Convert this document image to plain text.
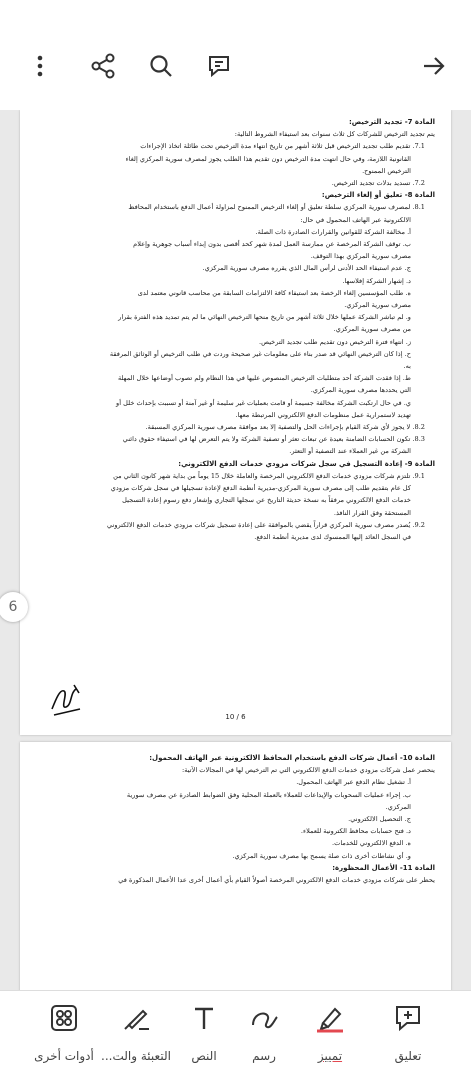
المادة 7- تجديد الترخيص:
يتم تجديد الترخيص للشركات كل ثلاث سنوات بعد استيفاء الشروط التالية:
7.1. تقديم طلب تجديد الترخيص قبل ثلاثة أشهر من تاريخ انتهاء مدة الترخيص تحت طائلة اتخاذ الإجراءات
القانونية اللازمة، وفي حال انتهت مدة الترخيص دون تقديم هذا الطلب يجوز لمصرف سورية المركزي إلغاء
الترخيص الممنوح.
7.2. تسديد بدلات تجديد الترخيص.
المادة 8- تعليق أو إلغاء الترخيص:
8.1. لمصرف سورية المركزي سلطة تعليق أو إلغاء الترخيص الممنوح لمزاولة أعمال الدفع باستخدام المحافظ
الالكترونية عبر الهاتف المحمول في حال:
أ. مخالفة الشركة للقوانين والقرارات الصادرة ذات الصلة.
ب. توقف الشركة المرخصة عن ممارسة العمل لمدة شهر كحد أقصى بدون إبداء أسباب جوهرية وإعلام
مصرف سورية المركزي بهذا التوقف.
ج. عدم استيفاء الحد الأدنى لرأس المال الذي يقرره مصرف سورية المركزي.
د. إشهار الشركة إفلاسها.
ه. طلب المؤسسين إلغاء الرخصة بعد استيفاء كافة الالتزامات السابقة من محاسب قانوني معتمد لدى
مصرف سورية المركزي.
و. لم تباشر الشركة عملها خلال ثلاثة أشهر من تاريخ منحها الترخيص النهائي ما لم يتم تمديد هذه الفترة بقرار
من مصرف سورية المركزي.
ز. انتهاء فترة الترخيص دون تقديم طلب تجديد الترخيص.
ح. إذا كان الترخيص النهائي قد صدر بناء على معلومات غير صحيحة وردت في طلب الترخيص أو الوثائق المرفقة
به.
ط. إذا فقدت الشركة أحد متطلبات الترخيص المنصوص عليها في هذا النظام ولم تصوب أوضاعها خلال المهلة
التي يحددها مصرف سورية المركزي.
ي. في حال ارتكبت الشركة مخالفة جسيمة أو قامت بعمليات غير سليمة أو غير آمنة أو تسببت بإحداث خلل أو
تهديد لاستمرارية عمل منظومات الدفع الالكتروني المرتبطة معها.
8.2. لا يجوز لأي شركة القيام بإجراءات الحل والتصفية إلا بعد موافقة مصرف سورية المركزي المسبقة.
8.3. تكون الحسابات الضامنة بعيدة عن تبعات تعثر أو تصفية الشركة ولا يتم التعرض لها في استيفاء حقوق دائني
الشركة من غير العملاء عند التصفية أو التعثر.
المادة 9- إعادة التسجيل في سجل شركات مزودي خدمات الدفع الالكتروني:
9.1. تلتزم شركات مزودي خدمات الدفع الالكتروني المرخصة والعاملة خلال 15 يوماً من بداية شهر كانون الثاني من
كل عام بتقديم طلب إلى مصرف سورية المركزي-مديرية أنظمة الدفع لإعادة تسجيلها في سجل شركات مزودي
خدمات الدفع الالكتروني مرفقاً به نسخة حديثة التاريخ عن سجلها التجاري وإشعار دفع رسوم إعادة التسجيل
المستحقة وفق القرار النافذ.
9.2. يُصدر مصرف سورية المركزي قراراً يقضي بالموافقة على إعادة تسجيل شركات مزودي خدمات الدفع الالكتروني
في السجل العائد إليها الممسوك لدى مديرية أنظمة الدفع.
10 / 6
6
المادة 10- أعمال شركات الدفع باستخدام المحافظ الالكترونية عبر الهاتف المحمول:
ينحصر عمل شركات مزودي خدمات الدفع الالكتروني التي تم الترخيص لها في المجالات الآتية:
أ. تشغيل نظام الدفع عبر الهاتف المحمول.
ب. إجراء عمليات السحوبات والإيداعات للعملاء بالعملة المحلية وفق الضوابط الصادرة عن مصرف سورية
المركزي.
ج. التحصيل الالكتروني.
د. فتح حسابات محافظ الكترونية للعملاء.
ه. الدفع الالكتروني للخدمات.
و. أي نشاطات أخرى ذات صلة يسمح بها مصرف سورية المركزي.
المادة 11- الأعمال المحظورة:
يحظر على شركات مزودي خدمات الدفع الالكتروني المرخصة أصولاً القيام بأي أعمال أخرى عدا الأعمال المذكورة في
أدوات أخرى التعبئة والت... النص	رسم	تمييز	تعليق
